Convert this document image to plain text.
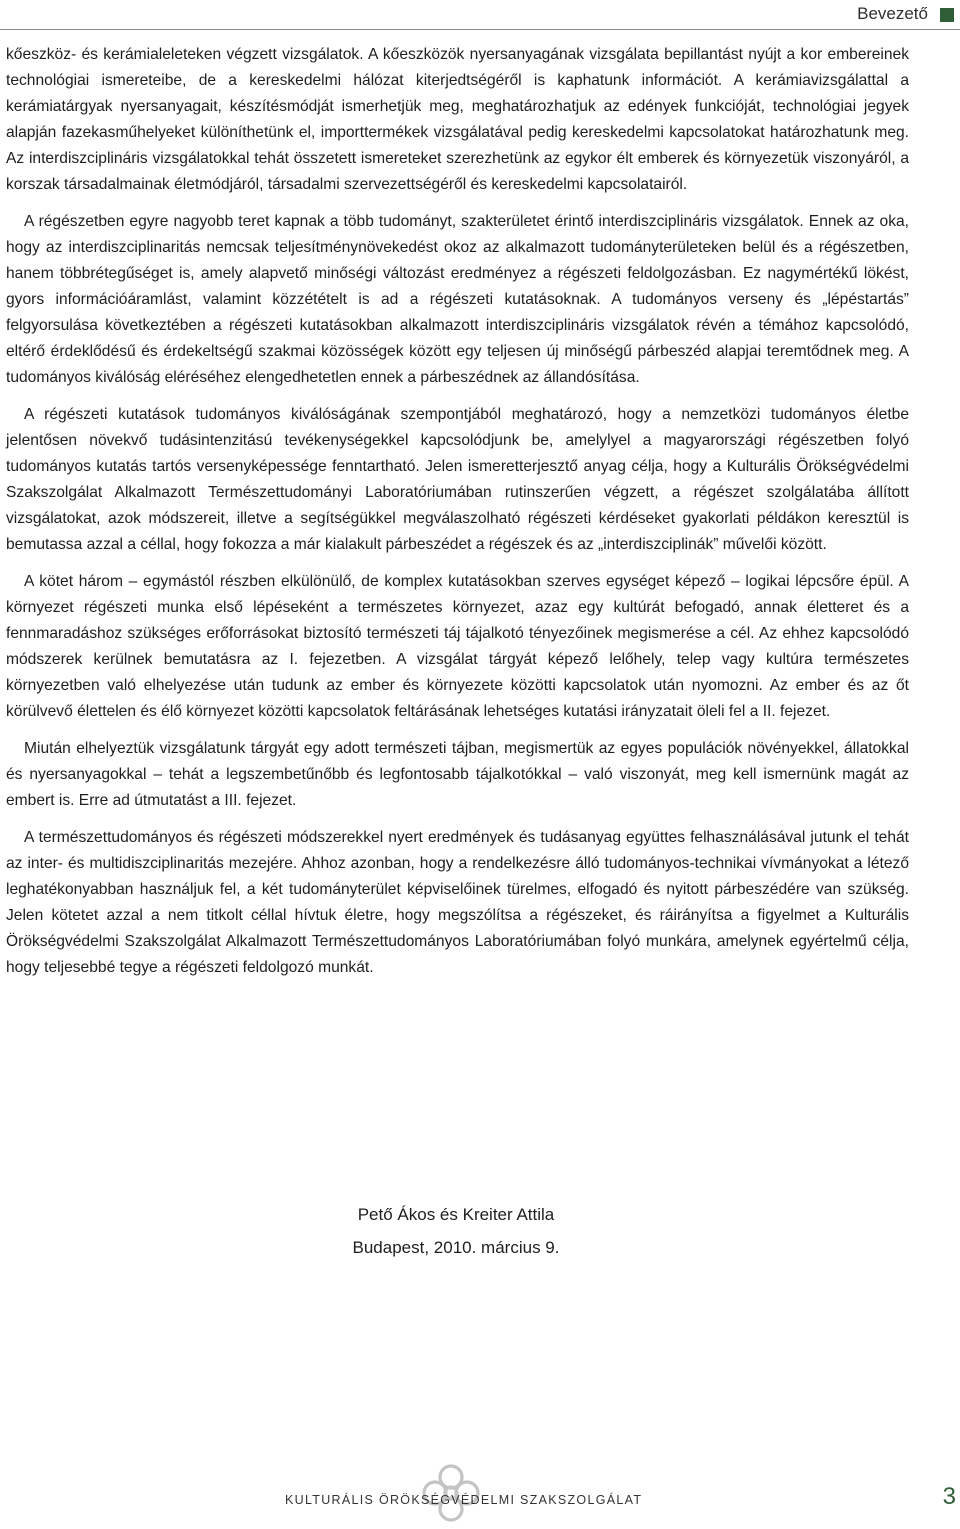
Bevezető

kőeszköz- és kerámialeleteken végzett vizsgálatok. A kőeszközök nyersanyagának vizsgálata bepillantást nyújt a kor embereinek technológiai ismereteibe, de a kereskedelmi hálózat kiterjedtségéről is kaphatunk információt. A kerámiavizsgálattal a kerámiatárgyak nyersanyagait, készítésmódját ismerhetjük meg, meghatározhatjuk az edények funkcióját, technológiai jegyek alapján fazekasműhelyeket különíthetünk el, importtermékek vizsgálatával pedig kereskedelmi kapcsolatokat határozhatunk meg. Az interdiszciplináris vizsgálatokkal tehát összetett ismereteket szerezhetünk az egykor élt emberek és környezetük viszonyáról, a korszak társadalmainak életmódjáról, társadalmi szervezettségéről és kereskedelmi kapcsolatairól.

A régészetben egyre nagyobb teret kapnak a több tudományt, szakterületet érintő interdiszciplináris vizsgálatok. Ennek az oka, hogy az interdiszciplinaritás nemcsak teljesítménynövekedést okoz az alkalmazott tudományterületeken belül és a régészetben, hanem többrétegűséget is, amely alapvető minőségi változást eredményez a régészeti feldolgozásban. Ez nagymértékű lökést, gyors információáramlást, valamint közzétételt is ad a régészeti kutatásoknak. A tudományos verseny és „lépéstartás” felgyorsulása következtében a régészeti kutatásokban alkalmazott interdiszciplináris vizsgálatok révén a témához kapcsolódó, eltérő érdeklődésű és érdekeltségű szakmai közösségek között egy teljesen új minőségű párbeszéd alapjai teremtődnek meg. A tudományos kiválóság eléréséhez elengedhetetlen ennek a párbeszédnek az állandósítása.

A régészeti kutatások tudományos kiválóságának szempontjából meghatározó, hogy a nemzetközi tudományos életbe jelentősen növekvő tudásintenzitású tevékenységekkel kapcsolódjunk be, amelylyel a magyarországi régészetben folyó tudományos kutatás tartós versenyképessége fenntartható. Jelen ismeretterjesztő anyag célja, hogy a Kulturális Örökségvédelmi Szakszolgálat Alkalmazott Természettudományi Laboratóriumában rutinszerűen végzett, a régészet szolgálatába állított vizsgálatokat, azok módszereit, illetve a segítségükkel megválaszolható régészeti kérdéseket gyakorlati példákon keresztül is bemutassa azzal a céllal, hogy fokozza a már kialakult párbeszédet a régészek és az „interdiszciplinák” művelői között.

A kötet három – egymástól részben elkülönülő, de komplex kutatásokban szerves egységet képező – logikai lépcsőre épül. A környezet régészeti munka első lépéseként a természetes környezet, azaz egy kultúrát befogadó, annak életteret és a fennmaradáshoz szükséges erőforrásokat biztosító természeti táj tájalkotó tényezőinek megismerése a cél. Az ehhez kapcsolódó módszerek kerülnek bemutatásra az I. fejezetben. A vizsgálat tárgyát képező lelőhely, telep vagy kultúra természetes környezetben való elhelyezése után tudunk az ember és környezete közötti kapcsolatok után nyomozni. Az ember és az őt körülvevő élettelen és élő környezet közötti kapcsolatok feltárásának lehetséges kutatási irányzatait öleli fel a II. fejezet.

Miután elhelyeztük vizsgálatunk tárgyát egy adott természeti tájban, megismertük az egyes populációk növényekkel, állatokkal és nyersanyagokkal – tehát a legszembetűnőbb és legfontosabb tájalkotókkal – való viszonyát, meg kell ismernünk magát az embert is. Erre ad útmutatást a III. fejezet.

A természettudományos és régészeti módszerekkel nyert eredmények és tudásanyag együttes felhasználásával jutunk el tehát az inter- és multidiszciplinaritás mezejére. Ahhoz azonban, hogy a rendelkezésre álló tudományos-technikai vívmányokat a létező leghatékonyabban használjuk fel, a két tudományterület képviselőinek türelmes, elfogadó és nyitott párbeszédére van szükség. Jelen kötetet azzal a nem titkolt céllal hívtuk életre, hogy megszólítsa a régészeket, és ráirányítsa a figyelmet a Kulturális Örökségvédelmi Szakszolgálat Alkalmazott Természettudományos Laboratóriumában folyó munkára, amelynek egyértelmű célja, hogy teljesebbé tegye a régészeti feldolgozó munkát.

Pető Ákos és Kreiter Attila
Budapest, 2010. március 9.
KULTURÁLIS ÖRÖKSÉGVÉDELMI SZAKSZOLGÁLAT	3
